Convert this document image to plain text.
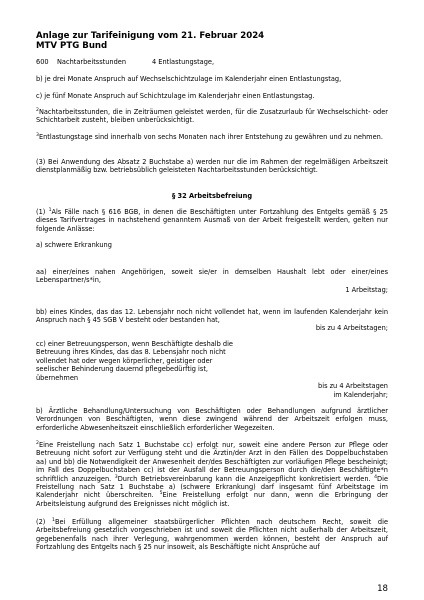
Anlage zur Tarifeinigung vom 21. Februar 2024
MTV PTG Bund
600 Nachtarbeitsstunden	4 Entlastungstage,
b) je drei Monate Anspruch auf Wechselschichtzulage im Kalenderjahr einen Entlastungstag,
c) je fünf Monate Anspruch auf Schichtzulage im Kalenderjahr einen Entlastungstag.
$^2$Nachtarbeitsstunden, die in Zeiträumen geleistet werden, für die Zusatzurlaub für Wechselschicht- oder Schichtarbeit zusteht, bleiben unberücksichtigt.
$^3$Entlastungstage sind innerhalb von sechs Monaten nach ihrer Entstehung zu gewähren und zu nehmen.
(3) Bei Anwendung des Absatz 2 Buchstabe a) werden nur die im Rahmen der regelmäßigen Arbeitszeit dienstplanmäßig bzw. betriebsüblich geleisteten Nachtarbeitsstunden berücksichtigt.
§ 32 Arbeitsbefreiung
(1) $^1$Als Fälle nach § 616 BGB, in denen die Beschäftigten unter Fortzahlung des Entgelts gemäß § 25 dieses Tarifvertrages in nachstehend genanntem Ausmaß von der Arbeit freigestellt werden, gelten nur folgende Anlässe:
a) schwere Erkrankung
aa) einer/eines nahen Angehörigen, soweit sie/er in demselben Haushalt lebt oder einer/eines Lebenspartner/s*in,
1 Arbeitstag;
bb) eines Kindes, das das 12. Lebensjahr noch nicht vollendet hat, wenn im laufenden Kalenderjahr kein Anspruch nach § 45 SGB V besteht oder bestanden hat,
bis zu 4 Arbeitstagen;
cc) einer Betreuungsperson, wenn Beschäftigte deshalb die
Betreuung ihres Kindes, das das 8. Lebensjahr noch nicht
vollendet hat oder wegen körperlicher, geistiger oder
seelischer Behinderung dauernd pflegebedürftig ist,
übernehmen
bis zu 4 Arbeitstagen
im Kalenderjahr;
b) Ärztliche Behandlung/Untersuchung von Beschäftigten oder Behandlungen aufgrund ärztlicher Verordnungen von Beschäftigten, wenn diese zwingend während der Arbeitszeit erfolgen muss, erforderliche Abwesenheitszeit einschließlich erforderlicher Wegezeiten.
$^2$Eine Freistellung nach Satz 1 Buchstabe cc) erfolgt nur, soweit eine andere Person zur Pflege oder Betreuung nicht sofort zur Verfügung steht und die Ärztin/der Arzt in den Fällen des Doppelbuchstaben aa) und bb) die Notwendigkeit der Anwesenheit der/des Beschäftigten zur vorläufigen Pflege bescheinigt; im Fall des Doppelbuchstaben cc) ist der Ausfall der Betreuungsperson durch die/den Beschäftigte*n schriftlich anzuzeigen. $^3$Durch Betriebsvereinbarung kann die Anzeigepflicht konkretisiert werden. $^4$Die Freistellung nach Satz 1 Buchstabe a) (schwere Erkrankung) darf insgesamt fünf Arbeitstage im Kalenderjahr nicht überschreiten. $^5$Eine Freistellung erfolgt nur dann, wenn die Erbringung der Arbeitsleistung aufgrund des Ereignisses nicht möglich ist.
(2) $^1$Bei Erfüllung allgemeiner staatsbürgerlicher Pflichten nach deutschem Recht, soweit die Arbeitsbefreiung gesetzlich vorgeschrieben ist und soweit die Pflichten nicht außerhalb der Arbeitszeit, gegebenenfalls nach ihrer Verlegung, wahrgenommen werden können, besteht der Anspruch auf Fortzahlung des Entgelts nach § 25 nur insoweit, als Beschäftigte nicht Ansprüche auf
18
